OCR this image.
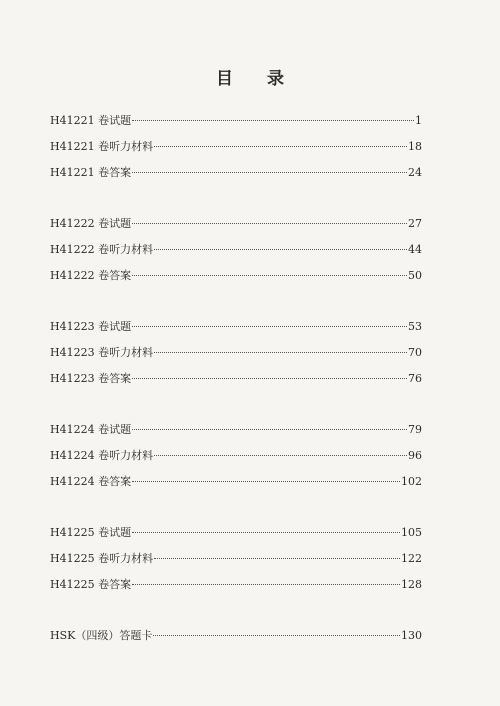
目 录
H41221 卷试题	1
H41221 卷听力材料	18
H41221 卷答案	24
H41222 卷试题	27
H41222 卷听力材料	44
H41222 卷答案	50
H41223 卷试题	53
H41223 卷听力材料	70
H41223 卷答案	76
H41224 卷试题	79
H41224 卷听力材料	96
H41224 卷答案	102
H41225 卷试题	105
H41225 卷听力材料	122
H41225 卷答案	128
HSK（四级）答题卡	130
